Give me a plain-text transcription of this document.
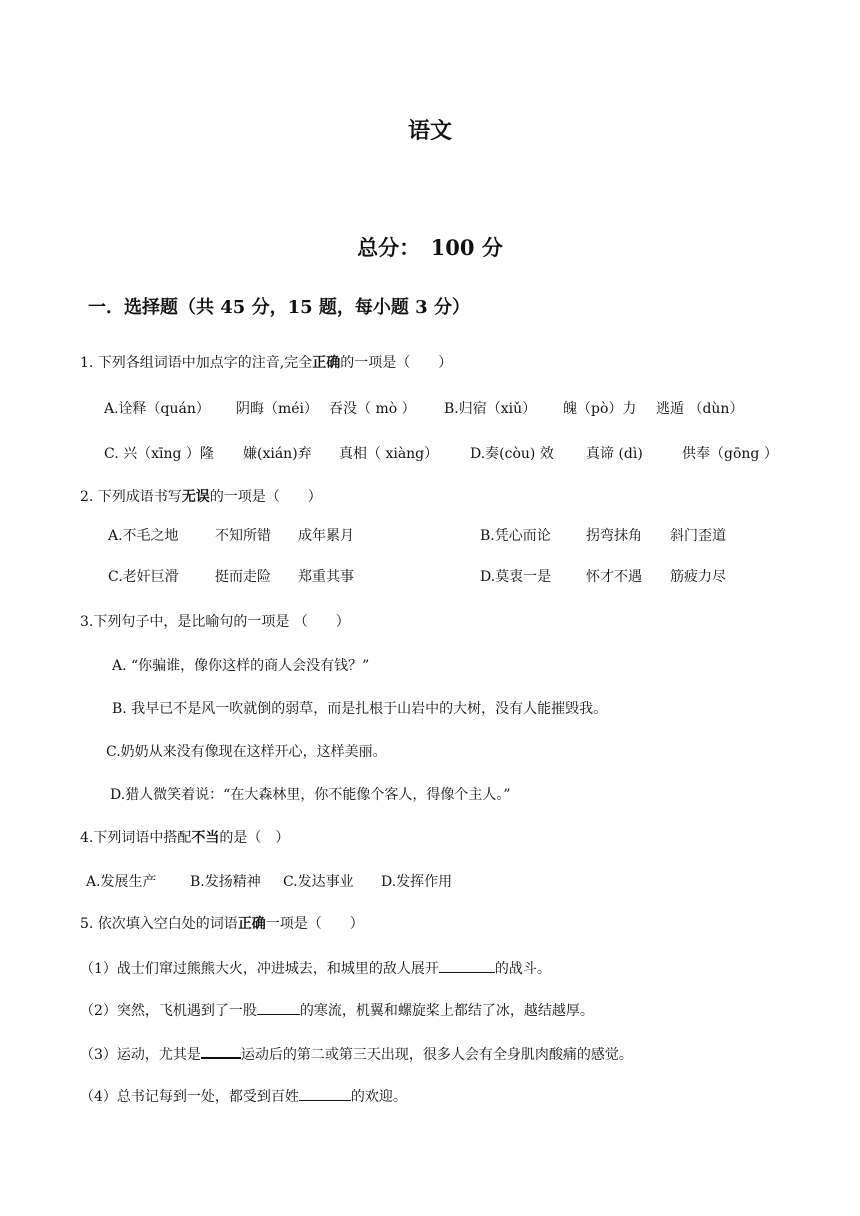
语文
总分：　100 分
一．选择题（共 45 分，15 题，每小题 3 分）
1. 下列各组词语中加点字的注音,完全正确的一项是（　　）
A.诠释（quán） 阴晦（méi） 吞没（ mò ） B.归宿（xiǔ） 魄（pò）力 逃遁 （dùn）
C. 兴（xīng ）隆 嫌(xián)弃 真相（ xiàng） D.奏(còu) 效 真谛 (dì)	供奉（gōng ）
2. 下列成语书写无误的一项是（　　）
A.不毛之地	不知所错 成年累月	B.凭心而论	拐弯抹角 斜门歪道
C.老奸巨滑	挺而走险 郑重其事	D.莫衷一是 怀才不遇 筋疲力尽
3.下列句子中，是比喻句的一项是 （　　）
A. “你骗谁，像你这样的商人会没有钱？”
B. 我早已不是风一吹就倒的弱草，而是扎根于山岩中的大树，没有人能摧毁我。
C.奶奶从来没有像现在这样开心，这样美丽。
D.猎人微笑着说：“在大森林里，你不能像个客人，得像个主人。”
4.下列词语中搭配不当的是（　）
A.发展生产 B.发扬精神 C.发达事业 D.发挥作用
5. 依次填入空白处的词语正确一项是（　　）
（1）战士们窜过熊熊大火，冲进城去，和城里的敌人展开	的战斗。
（2）突然，飞机遇到了一股	的寒流，机翼和螺旋桨上都结了冰，越结越厚。
（3）运动，尤其是	运动后的第二或第三天出现，很多人会有全身肌肉酸痛的感觉。
（4）总书记每到一处，都受到百姓	的欢迎。
